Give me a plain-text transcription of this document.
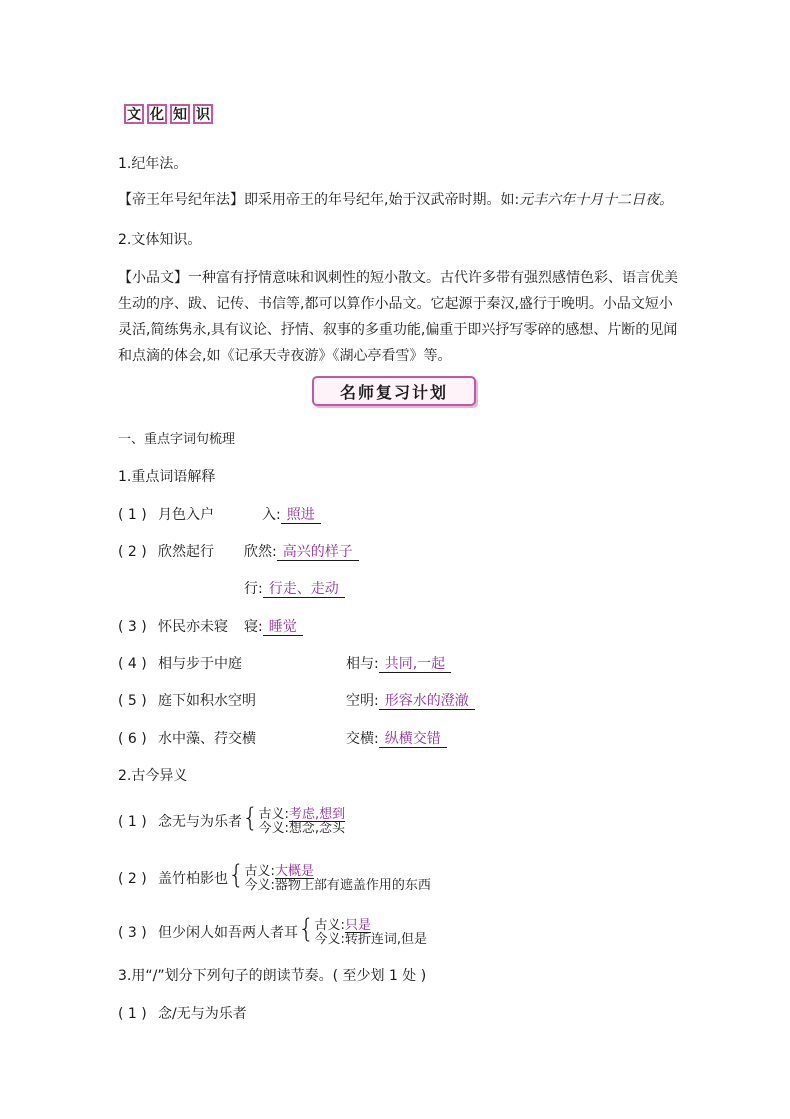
文 化 知 识
1.纪年法。
【帝王年号纪年法】即采用帝王的年号纪年,始于汉武帝时期。如:元丰六年十月十二日夜。
2.文体知识。
【小品文】一种富有抒情意味和讽刺性的短小散文。古代许多带有强烈感情色彩、语言优美生动的序、跋、记传、书信等,都可以算作小品文。它起源于秦汉,盛行于晚明。小品文短小灵活,简练隽永,具有议论、抒情、叙事的多重功能,偏重于即兴抒写零碎的感想、片断的见闻和点滴的体会,如《记承天寺夜游》《湖心亭看雪》等。
名师复习计划
一、重点字词句梳理
1.重点词语解释
( 1 ) 月色入户	入: 照进
( 2 ) 欣然起行 欣然: 高兴的样子
行: 行走、走动
( 3 ) 怀民亦未寝 寝: 睡觉
( 4 ) 相与步于中庭	相与: 共同,一起
( 5 ) 庭下如积水空明	空明: 形容水的澄澈
( 6 ) 水中藻、荇交横	交横: 纵横交错
2.古今异义
( 1 ) 念无与为乐者{ 古义:考虑,想到
今义:想念,念头
( 2 ) 盖竹柏影也{ 古义:大概是
今义:器物上部有遮盖作用的东西
( 3 ) 但少闲人如吾两人者耳{ 古义:只是
今义:转折连词,但是
3.用“/”划分下列句子的朗读节奏。( 至少划 1 处 )
( 1 ) 念/无与为乐者
